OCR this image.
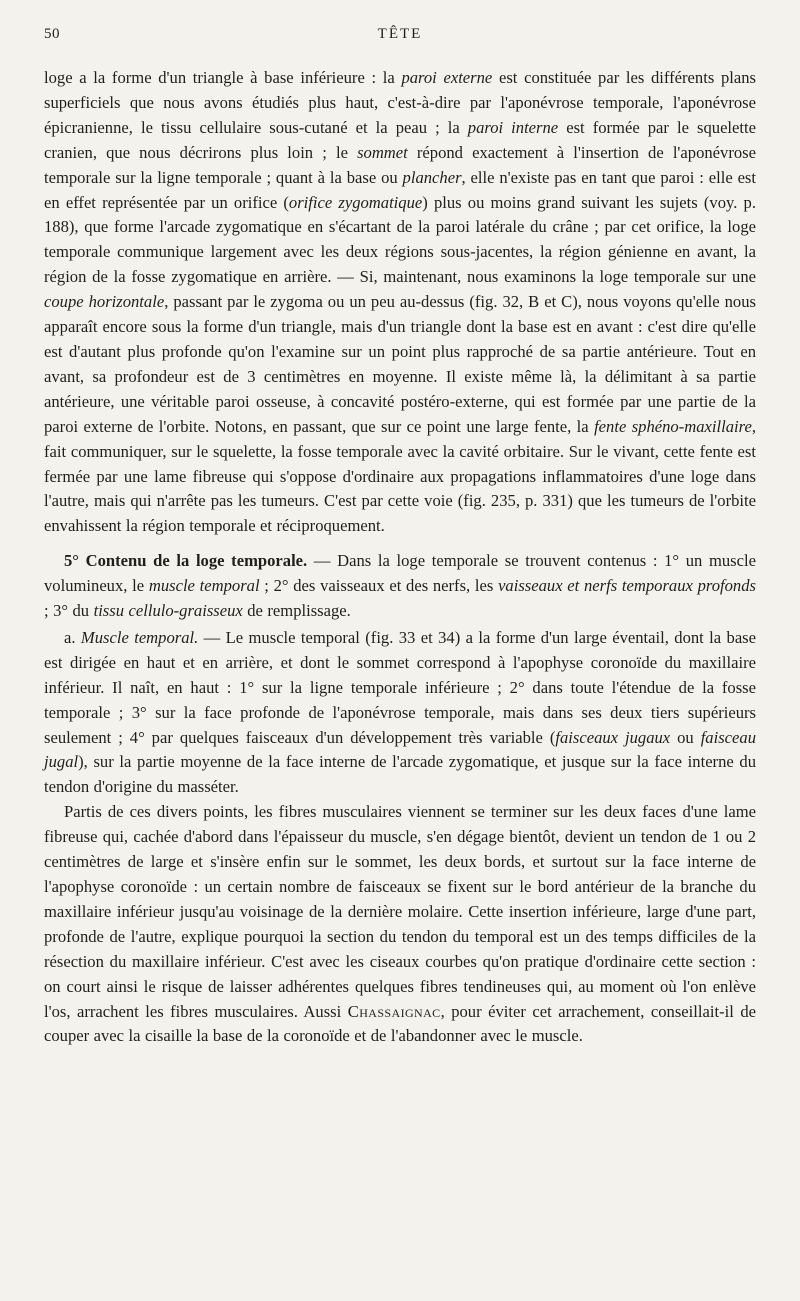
50	TÊTE

loge a la forme d'un triangle à base inférieure : la paroi externe est constituée par les différents plans superficiels que nous avons étudiés plus haut, c'est-à-dire par l'aponévrose temporale, l'aponévrose épicranienne, le tissu cellulaire sous-cutané et la peau ; la paroi interne est formée par le squelette cranien, que nous décrirons plus loin ; le sommet répond exactement à l'insertion de l'aponévrose temporale sur la ligne temporale ; quant à la base ou plancher, elle n'existe pas en tant que paroi : elle est en effet représentée par un orifice (orifice zygomatique) plus ou moins grand suivant les sujets (voy. p. 188), que forme l'arcade zygomatique en s'écartant de la paroi latérale du crâne ; par cet orifice, la loge temporale communique largement avec les deux régions sous-jacentes, la région génienne en avant, la région de la fosse zygomatique en arrière. — Si, maintenant, nous examinons la loge temporale sur une coupe horizontale, passant par le zygoma ou un peu au-dessus (fig. 32, B et C), nous voyons qu'elle nous apparaît encore sous la forme d'un triangle, mais d'un triangle dont la base est en avant : c'est dire qu'elle est d'autant plus profonde qu'on l'examine sur un point plus rapproché de sa partie antérieure. Tout en avant, sa profondeur est de 3 centimètres en moyenne. Il existe même là, la délimitant à sa partie antérieure, une véritable paroi osseuse, à concavité postéro-externe, qui est formée par une partie de la paroi externe de l'orbite. Notons, en passant, que sur ce point une large fente, la fente sphéno-maxillaire, fait communiquer, sur le squelette, la fosse temporale avec la cavité orbitaire. Sur le vivant, cette fente est fermée par une lame fibreuse qui s'oppose d'ordinaire aux propagations inflammatoires d'une loge dans l'autre, mais qui n'arrête pas les tumeurs. C'est par cette voie (fig. 235, p. 331) que les tumeurs de l'orbite envahissent la région temporale et réciproquement.

5° Contenu de la loge temporale. — Dans la loge temporale se trouvent contenus : 1° un muscle volumineux, le muscle temporal ; 2° des vaisseaux et des nerfs, les vaisseaux et nerfs temporaux profonds ; 3° du tissu cellulo-graisseux de remplissage.

a. Muscle temporal. — Le muscle temporal (fig. 33 et 34) a la forme d'un large éventail, dont la base est dirigée en haut et en arrière, et dont le sommet correspond à l'apophyse coronoïde du maxillaire inférieur. Il naît, en haut : 1° sur la ligne temporale inférieure ; 2° dans toute l'étendue de la fosse temporale ; 3° sur la face profonde de l'aponévrose temporale, mais dans ses deux tiers supérieurs seulement ; 4° par quelques faisceaux d'un développement très variable (faisceaux jugaux ou faisceau jugal), sur la partie moyenne de la face interne de l'arcade zygomatique, et jusque sur la face interne du tendon d'origine du masséter.

Partis de ces divers points, les fibres musculaires viennent se terminer sur les deux faces d'une lame fibreuse qui, cachée d'abord dans l'épaisseur du muscle, s'en dégage bientôt, devient un tendon de 1 ou 2 centimètres de large et s'insère enfin sur le sommet, les deux bords, et surtout sur la face interne de l'apophyse coronoïde : un certain nombre de faisceaux se fixent sur le bord antérieur de la branche du maxillaire inférieur jusqu'au voisinage de la dernière molaire. Cette insertion inférieure, large d'une part, profonde de l'autre, explique pourquoi la section du tendon du temporal est un des temps difficiles de la résection du maxillaire inférieur. C'est avec les ciseaux courbes qu'on pratique d'ordinaire cette section : on court ainsi le risque de laisser adhérentes quelques fibres tendineuses qui, au moment où l'on enlève l'os, arrachent les fibres musculaires. Aussi Chassaignac, pour éviter cet arrachement, conseillait-il de couper avec la cisaille la base de la coronoïde et de l'abandonner avec le muscle.
